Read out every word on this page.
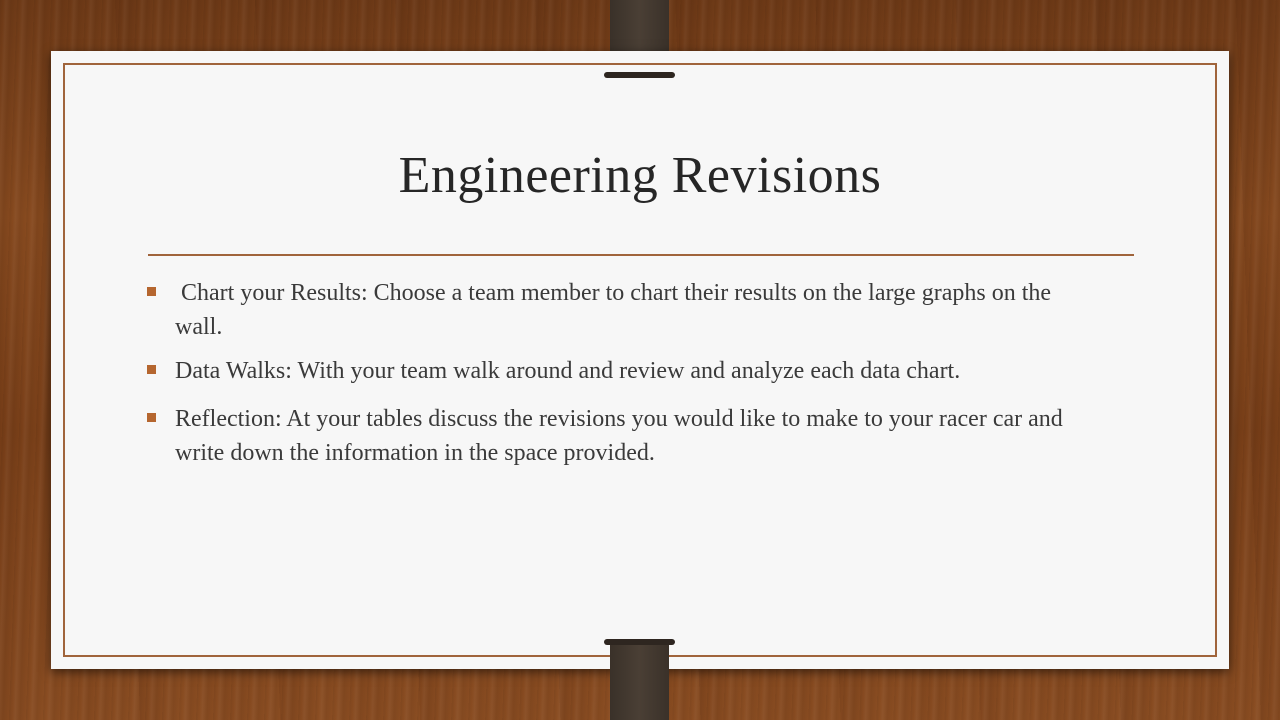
Engineering Revisions
Chart your Results: Choose a team member to chart their results on the large graphs on the wall.
Data Walks: With your team walk around and review and analyze each data chart.
Reflection: At your tables discuss the revisions you would like to make to your racer car and write down the information in the space provided.
